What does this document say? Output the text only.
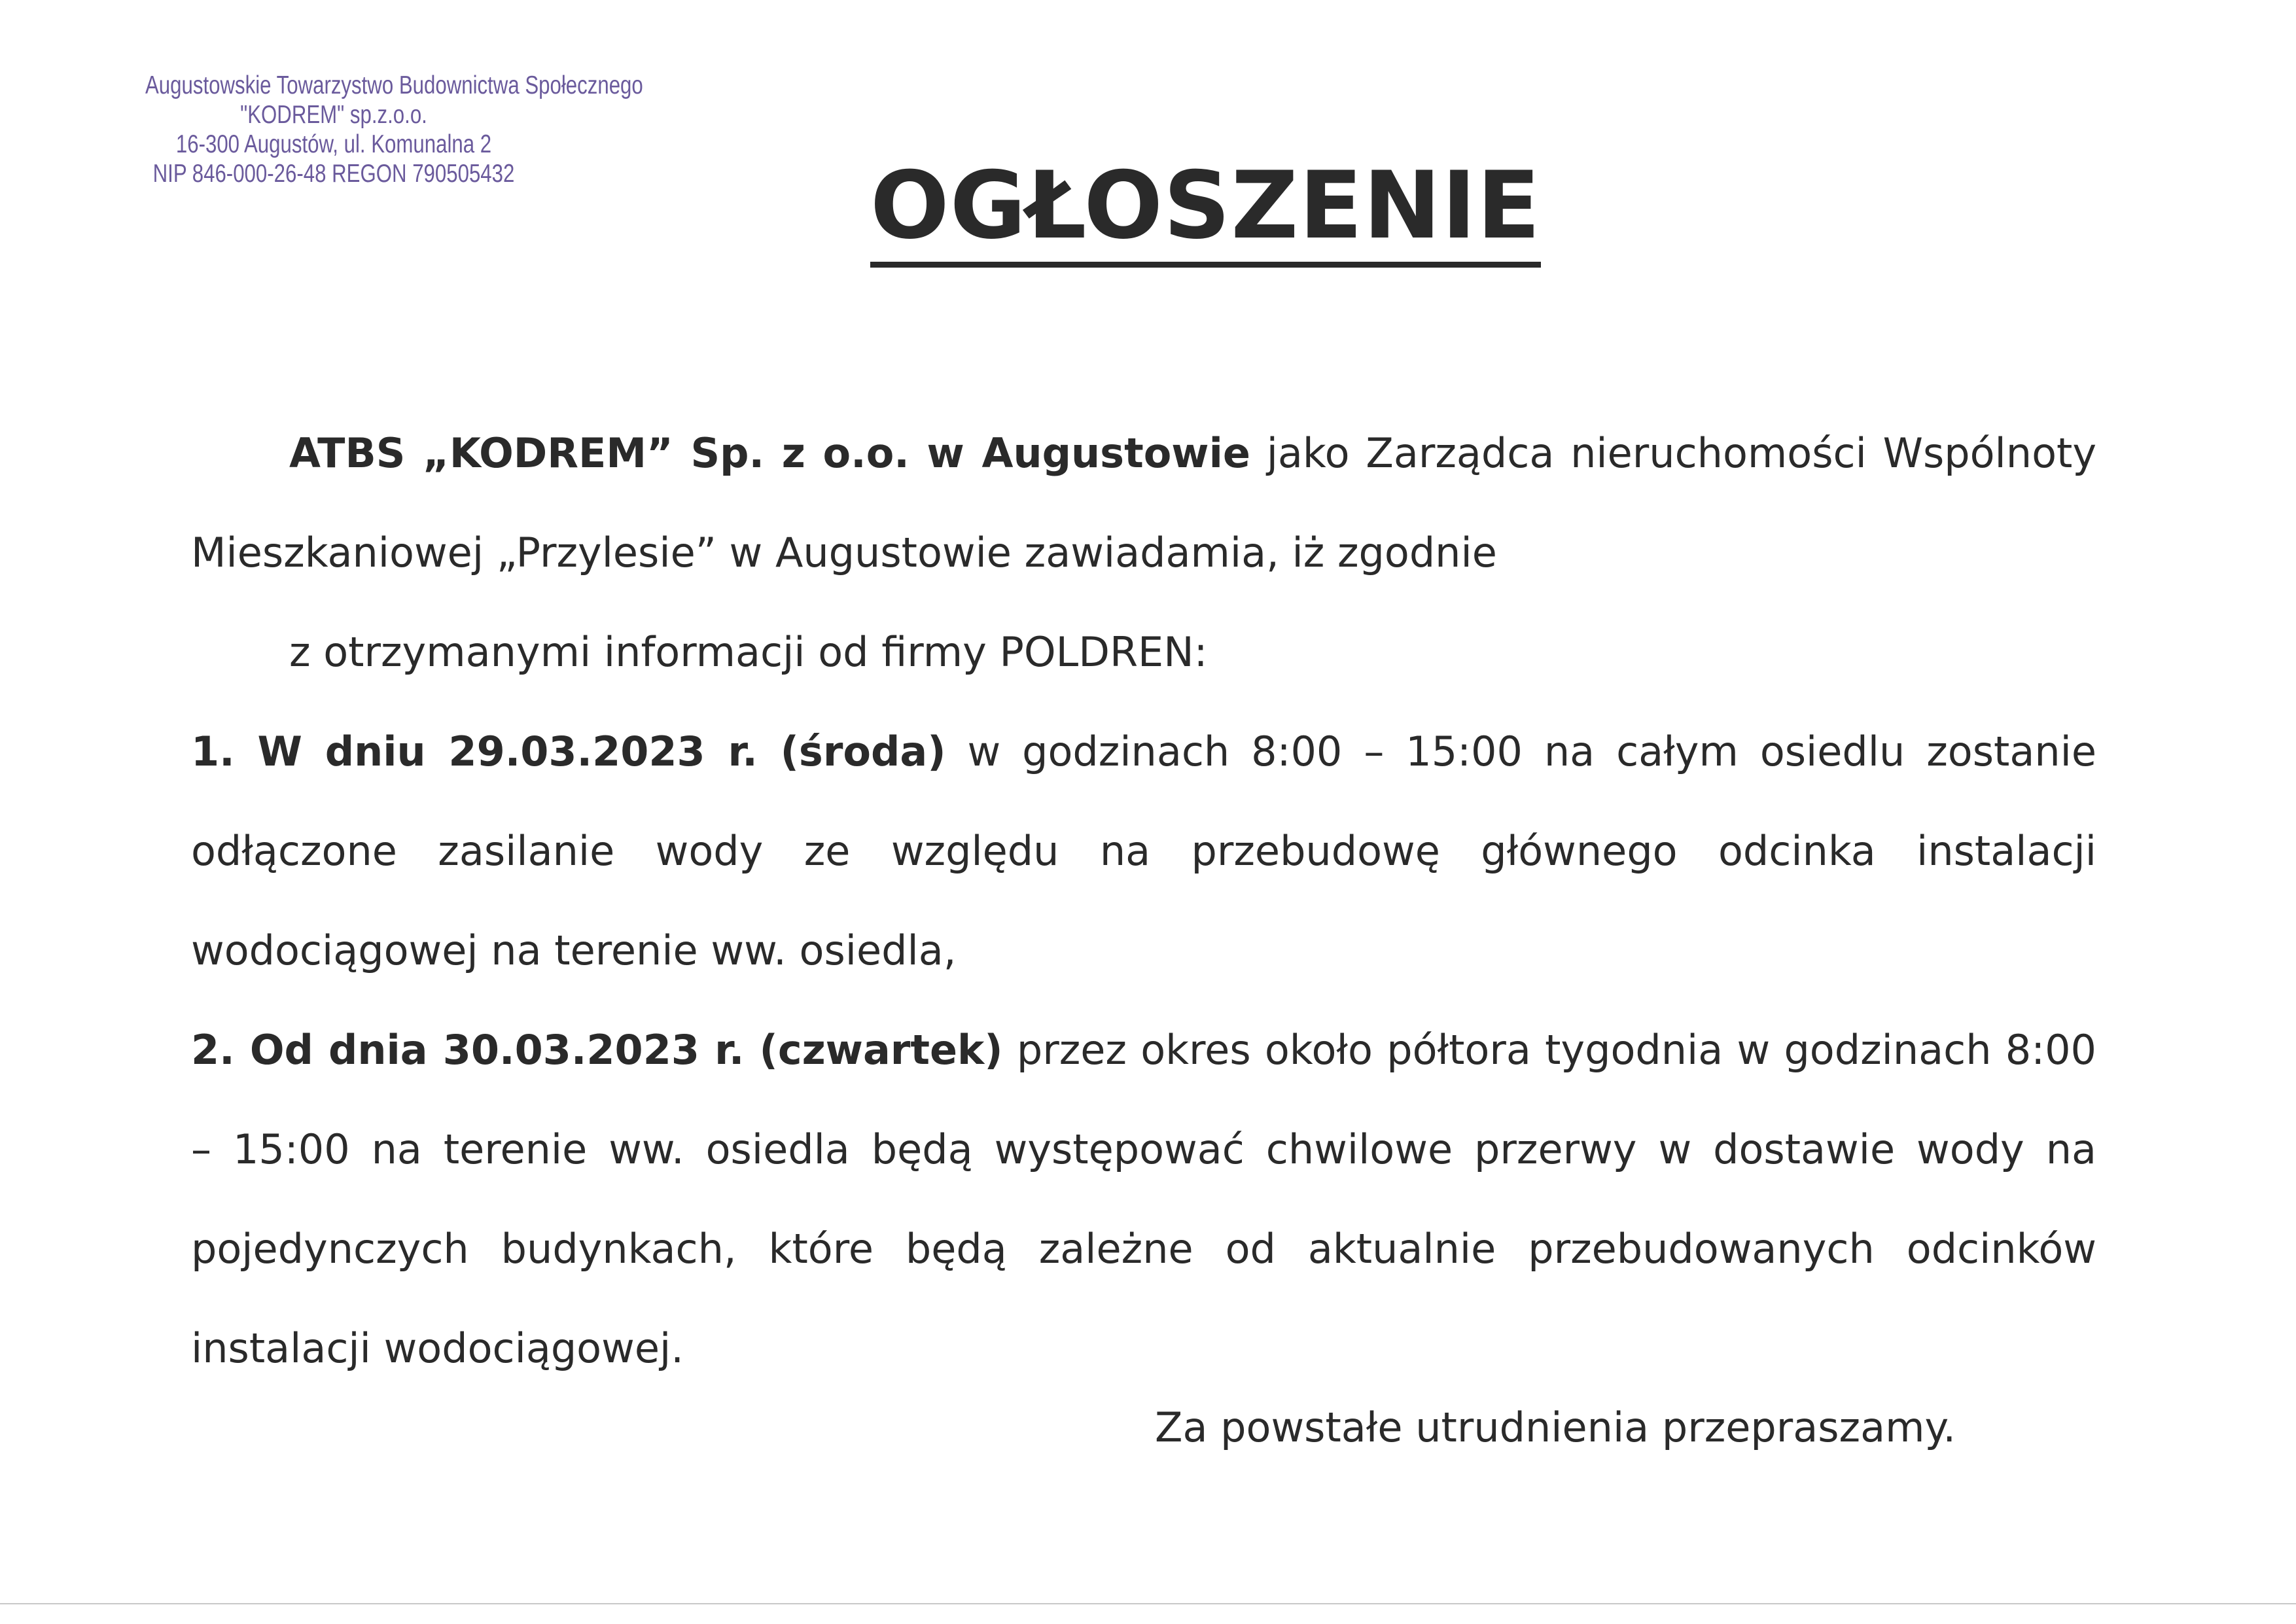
Augustowskie Towarzystwo Budownictwa Społecznego
"KODREM" sp.z.o.o.
16-300 Augustów, ul. Komunalna 2
NIP 846-000-26-48 REGON 790505432	OGŁOSZENIE

ATBS „KODREM” Sp. z o.o. w Augustowie jako Zarządca nieruchomości Wspólnoty Mieszkaniowej „Przylesie” w Augustowie zawiadamia, iż zgodnie
z otrzymanymi informacji od firmy POLDREN:

1. W dniu 29.03.2023 r. (środa) w godzinach 8:00 – 15:00 na całym osiedlu zostanie odłączone zasilanie wody ze względu na przebudowę głównego odcinka instalacji wodociągowej na terenie ww. osiedla,

2. Od dnia 30.03.2023 r. (czwartek) przez okres około półtora tygodnia w godzinach 8:00 – 15:00 na terenie ww. osiedla będą występować chwilowe przerwy w dostawie wody na pojedynczych budynkach, które będą zależne od aktualnie przebudowanych odcinków instalacji wodociągowej.

Za powstałe utrudnienia przepraszamy.
